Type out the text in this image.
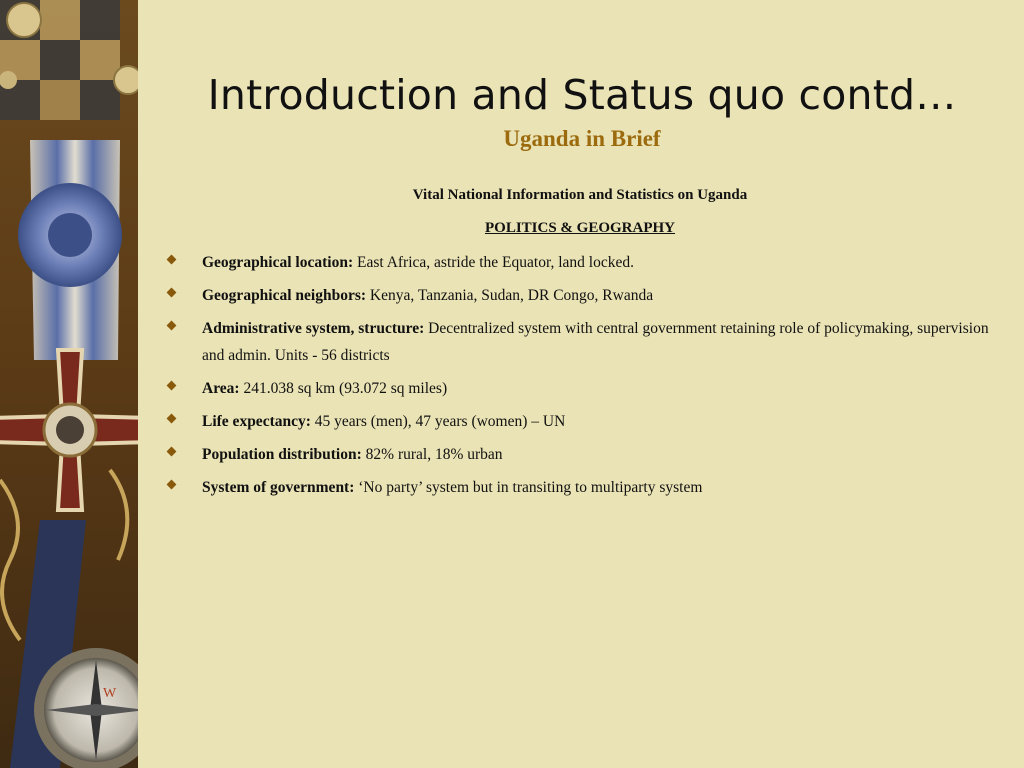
W
Introduction and Status quo contd…
Uganda in Brief
Vital National Information and Statistics on Uganda
POLITICS & GEOGRAPHY
Geographical location: East Africa, astride the Equator, land locked.
Geographical neighbors: Kenya, Tanzania, Sudan, DR Congo, Rwanda
Administrative system, structure: Decentralized system with central government retaining role of policymaking, supervision and admin. Units - 56 districts
Area: 241.038 sq km (93.072 sq miles)
Life expectancy: 45 years (men), 47 years (women) – UN
Population distribution: 82% rural, 18% urban
System of government: ‘No party’ system but in transiting to multiparty system
